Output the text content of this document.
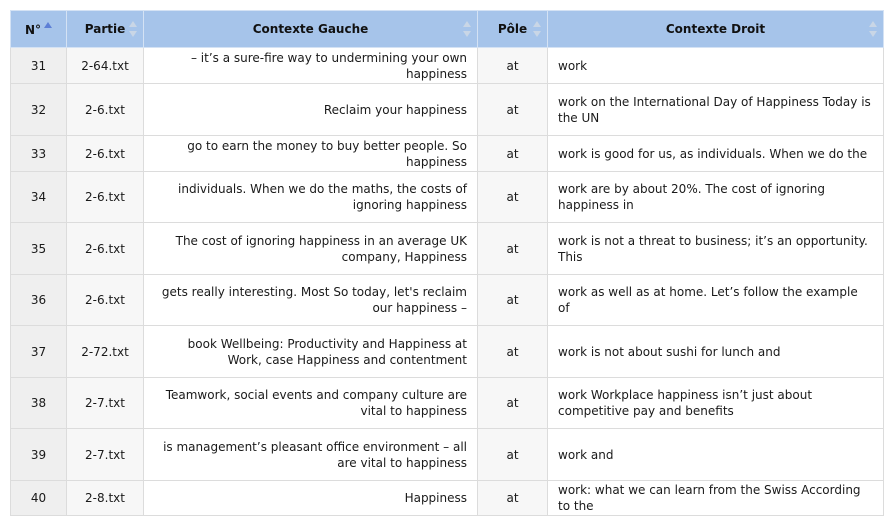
N°	Partie	Contexte Gauche	Pôle	Contexte Droit

31	2-64.txt	– it’s a sure-fire way to undermining your own happiness	at	work
32	2-6.txt	Reclaim your happiness	at	work on the International Day of Happiness Today is the UN
33	2-6.txt	go to earn the money to buy better people. So happiness	at	work is good for us, as individuals. When we do the
34	2-6.txt	individuals. When we do the maths, the costs of ignoring happiness	at	work are by about 20%. The cost of ignoring happiness in
35	2-6.txt	The cost of ignoring happiness in an average UK company, Happiness	at	work is not a threat to business; it’s an opportunity. This
36	2-6.txt	gets really interesting. Most So today, let's reclaim our happiness –	at	work as well as at home. Let’s follow the example of
37	2-72.txt	book Wellbeing: Productivity and Happiness at Work, case Happiness and contentment	at	work is not about sushi for lunch and
38	2-7.txt	Teamwork, social events and company culture are vital to happiness	at	work Workplace happiness isn’t just about competitive pay and benefits
39	2-7.txt	is management’s pleasant office environment – all are vital to happiness	at	work and
40	2-8.txt	Happiness	at	work: what we can learn from the Swiss According to the
